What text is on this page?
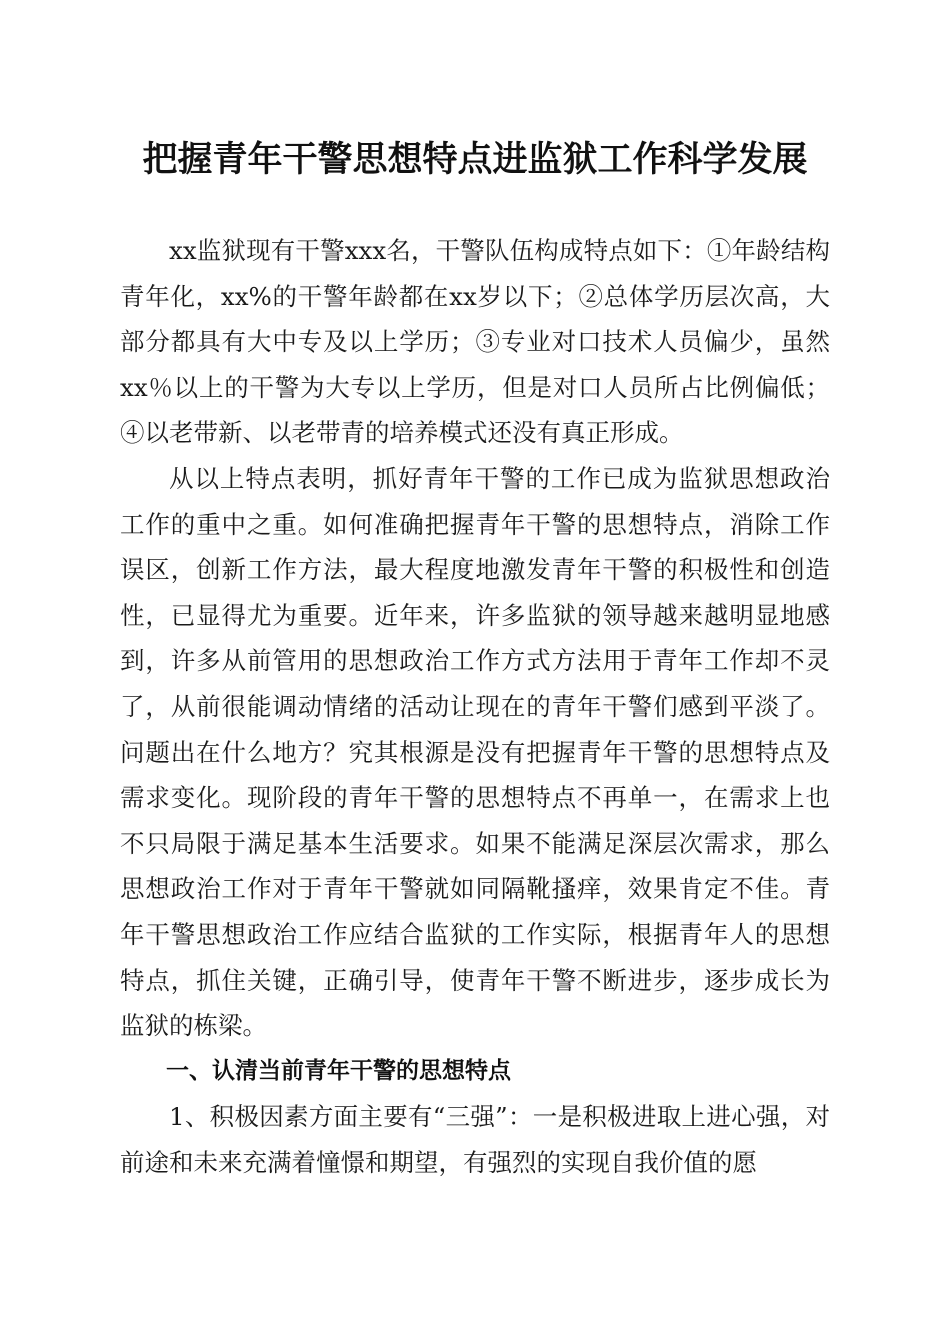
把握青年干警思想特点进监狱工作科学发展

xx监狱现有干警xxx名，干警队伍构成特点如下：①年龄结构青年化，xx%的干警年龄都在xx岁以下；②总体学历层次高，大部分都具有大中专及以上学历；③专业对口技术人员偏少，虽然xx％以上的干警为大专以上学历，但是对口人员所占比例偏低；④以老带新、以老带青的培养模式还没有真正形成。

从以上特点表明，抓好青年干警的工作已成为监狱思想政治工作的重中之重。如何准确把握青年干警的思想特点，消除工作误区，创新工作方法，最大程度地激发青年干警的积极性和创造性，已显得尤为重要。近年来，许多监狱的领导越来越明显地感到，许多从前管用的思想政治工作方式方法用于青年工作却不灵了，从前很能调动情绪的活动让现在的青年干警们感到平淡了。问题出在什么地方？究其根源是没有把握青年干警的思想特点及需求变化。现阶段的青年干警的思想特点不再单一，在需求上也不只局限于满足基本生活要求。如果不能满足深层次需求，那么思想政治工作对于青年干警就如同隔靴搔痒，效果肯定不佳。青年干警思想政治工作应结合监狱的工作实际，根据青年人的思想特点，抓住关键，正确引导，使青年干警不断进步，逐步成长为监狱的栋梁。

一、认清当前青年干警的思想特点

1、积极因素方面主要有“三强”：一是积极进取上进心强，对前途和未来充满着憧憬和期望，有强烈的实现自我价值的愿
